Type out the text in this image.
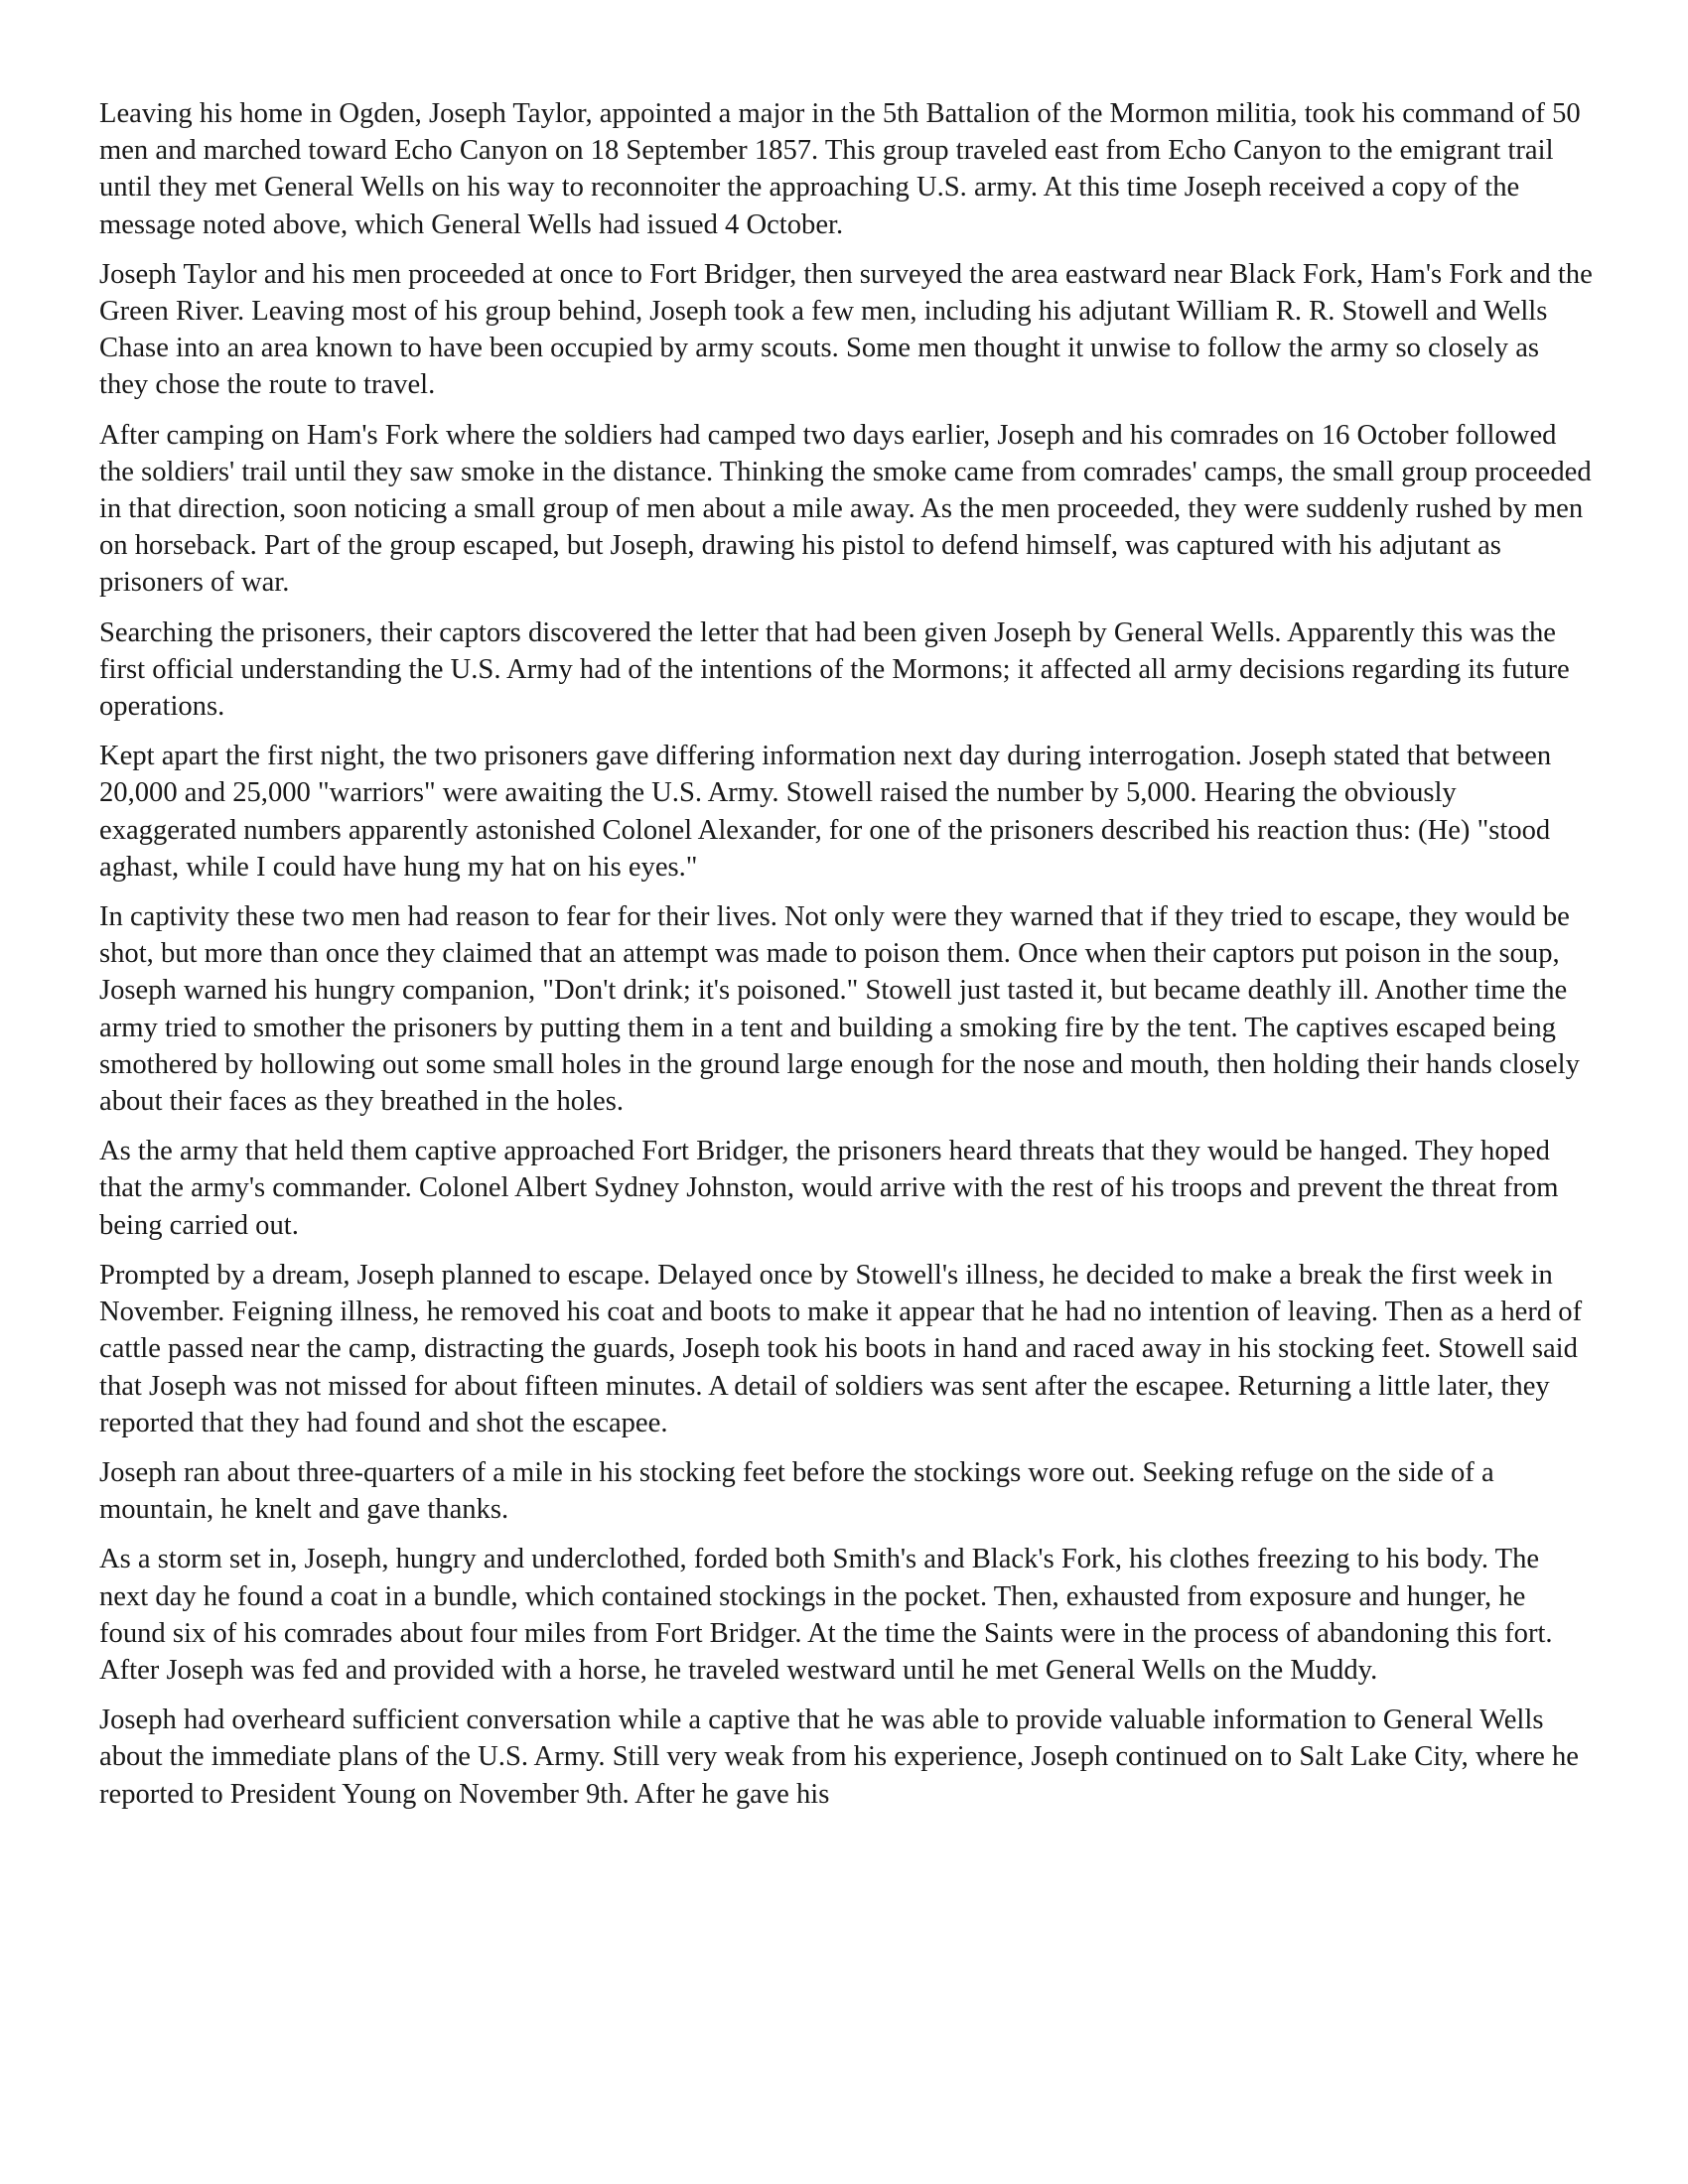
Leaving his home in Ogden, Joseph Taylor, appointed a major in the 5th Battalion of the Mormon militia, took his command of 50 men and marched toward Echo Canyon on 18 September 1857. This group traveled east from Echo Canyon to the emigrant trail until they met General Wells on his way to reconnoiter the approaching U.S. army. At this time Joseph received a copy of the message noted above, which General Wells had issued 4 October.

Joseph Taylor and his men proceeded at once to Fort Bridger, then surveyed the area eastward near Black Fork, Ham's Fork and the Green River. Leaving most of his group behind, Joseph took a few men, including his adjutant William R. R. Stowell and Wells Chase into an area known to have been occupied by army scouts. Some men thought it unwise to follow the army so closely as they chose the route to travel.

After camping on Ham's Fork where the soldiers had camped two days earlier, Joseph and his comrades on 16 October followed the soldiers' trail until they saw smoke in the distance. Thinking the smoke came from comrades' camps, the small group proceeded in that direction, soon noticing a small group of men about a mile away. As the men proceeded, they were suddenly rushed by men on horseback. Part of the group escaped, but Joseph, drawing his pistol to defend himself, was captured with his adjutant as prisoners of war.

Searching the prisoners, their captors discovered the letter that had been given Joseph by General Wells. Apparently this was the first official understanding the U.S. Army had of the intentions of the Mormons; it affected all army decisions regarding its future operations.

Kept apart the first night, the two prisoners gave differing information next day during interrogation. Joseph stated that between 20,000 and 25,000 "warriors" were awaiting the U.S. Army. Stowell raised the number by 5,000. Hearing the obviously exaggerated numbers apparently astonished Colonel Alexander, for one of the prisoners described his reaction thus: (He) "stood aghast, while I could have hung my hat on his eyes."

In captivity these two men had reason to fear for their lives. Not only were they warned that if they tried to escape, they would be shot, but more than once they claimed that an attempt was made to poison them. Once when their captors put poison in the soup, Joseph warned his hungry companion, "Don't drink; it's poisoned." Stowell just tasted it, but became deathly ill. Another time the army tried to smother the prisoners by putting them in a tent and building a smoking fire by the tent. The captives escaped being smothered by hollowing out some small holes in the ground large enough for the nose and mouth, then holding their hands closely about their faces as they breathed in the holes.

As the army that held them captive approached Fort Bridger, the prisoners heard threats that they would be hanged. They hoped that the army's commander. Colonel Albert Sydney Johnston, would arrive with the rest of his troops and prevent the threat from being carried out.

Prompted by a dream, Joseph planned to escape. Delayed once by Stowell's illness, he decided to make a break the first week in November. Feigning illness, he removed his coat and boots to make it appear that he had no intention of leaving. Then as a herd of cattle passed near the camp, distracting the guards, Joseph took his boots in hand and raced away in his stocking feet. Stowell said that Joseph was not missed for about fifteen minutes. A detail of soldiers was sent after the escapee. Returning a little later, they reported that they had found and shot the escapee.

Joseph ran about three-quarters of a mile in his stocking feet before the stockings wore out. Seeking refuge on the side of a mountain, he knelt and gave thanks.

As a storm set in, Joseph, hungry and underclothed, forded both Smith's and Black's Fork, his clothes freezing to his body. The next day he found a coat in a bundle, which contained stockings in the pocket. Then, exhausted from exposure and hunger, he found six of his comrades about four miles from Fort Bridger. At the time the Saints were in the process of abandoning this fort. After Joseph was fed and provided with a horse, he traveled westward until he met General Wells on the Muddy.

Joseph had overheard sufficient conversation while a captive that he was able to provide valuable information to General Wells about the immediate plans of the U.S. Army. Still very weak from his experience, Joseph continued on to Salt Lake City, where he reported to President Young on November 9th. After he gave his
